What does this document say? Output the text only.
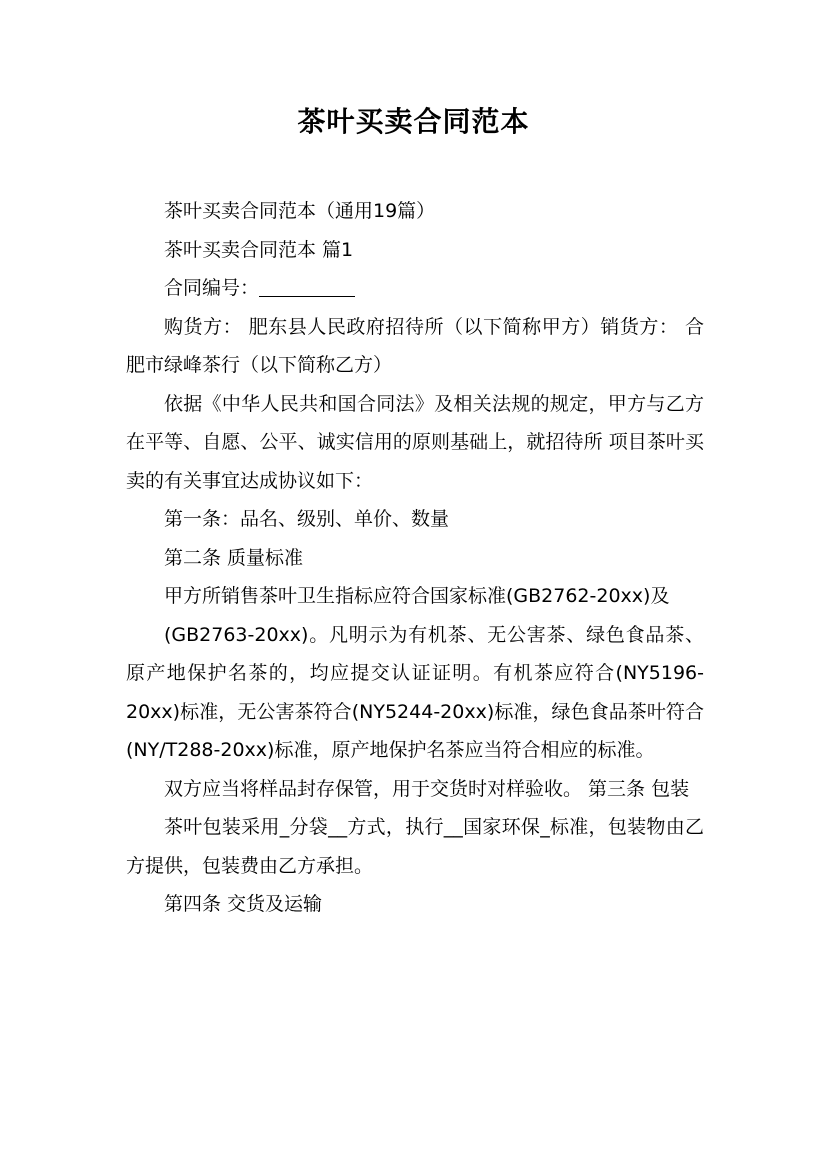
茶叶买卖合同范本

茶叶买卖合同范本（通用19篇）

茶叶买卖合同范本 篇1

合同编号：

购货方： 肥东县人民政府招待所（以下简称甲方）销货方： 合肥市绿峰茶行（以下简称乙方）

依据《中华人民共和国合同法》及相关法规的规定，甲方与乙方在平等、自愿、公平、诚实信用的原则基础上，就招待所 项目茶叶买卖的有关事宜达成协议如下：

第一条：品名、级别、单价、数量

第二条 质量标准

甲方所销售茶叶卫生指标应符合国家标准(GB2762-20xx)及

(GB2763-20xx)。凡明示为有机茶、无公害茶、绿色食品茶、原产地保护名茶的，均应提交认证证明。有机茶应符合(NY5196-20xx)标准，无公害茶符合(NY5244-20xx)标准，绿色食品茶叶符合(NY/T288-20xx)标准，原产地保护名茶应当符合相应的标准。

双方应当将样品封存保管，用于交货时对样验收。 第三条 包装

茶叶包装采用_分袋__方式，执行__国家环保_标准，包装物由乙方提供，包装费由乙方承担。

第四条 交货及运输
